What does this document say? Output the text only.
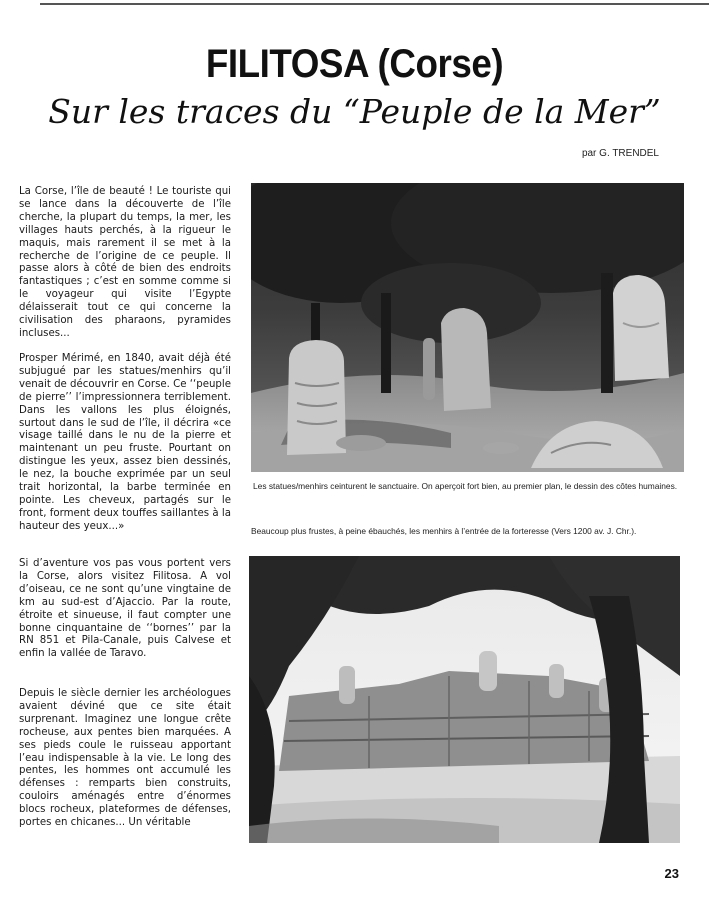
FILITOSA (Corse)
Sur les traces du “Peuple de la Mer”
par G. TRENDEL

La Corse, l’île de beauté ! Le touriste qui se lance dans la découverte de l’île cherche, la plupart du temps, la mer, les villages hauts perchés, à la rigueur le maquis, mais rarement il se met à la recherche de l’origine de ce peuple. Il passe alors à côté de bien des endroits fantastiques ; c’est en somme comme si le voyageur qui visite l’Egypte délaisserait tout ce qui concerne la civilisation des pharaons, pyramides incluses...

Prosper Mérimé, en 1840, avait déjà été subjugué par les statues/menhirs qu’il venait de découvrir en Corse. Ce ‘‘peuple de pierre’’ l’impressionnera terriblement. Dans les vallons les plus éloignés, surtout dans le sud de l’île, il décrira «ce visage taillé dans le nu de la pierre et maintenant un peu fruste. Pourtant on distingue les yeux, assez bien dessinés, le nez, la bouche exprimée par un seul trait horizontal, la barbe terminée en pointe. Les cheveux, partagés sur le front, forment deux touffes saillantes à la hauteur des yeux...»

Si d’aventure vos pas vous portent vers la Corse, alors visitez Filitosa. A vol d’oiseau, ce ne sont qu’une vingtaine de km au sud-est d’Ajaccio. Par la route, étroite et sinueuse, il faut compter une bonne cinquantaine de ‘‘bornes’’ par la RN 851 et Pila-Canale, puis Calvese et enfin la vallée de Taravo.

Depuis le siècle dernier les archéologues avaient déviné que ce site était surprenant. Imaginez une longue crête rocheuse, aux pentes bien marquées. A ses pieds coule le ruisseau apportant l’eau indispensable à la vie. Le long des pentes, les hommes ont accumulé les défenses : remparts bien construits, couloirs aménagés entre d’énormes blocs rocheux, plateformes de défenses, portes en chicanes... Un véritable

Les statues/menhirs ceinturent le sanctuaire. On aperçoit fort bien, au premier plan, le dessin des côtes humaines.
Beaucoup plus frustes, à peine ébauchés, les menhirs à l’entrée de la forteresse (Vers 1200 av. J. Chr.).
23
